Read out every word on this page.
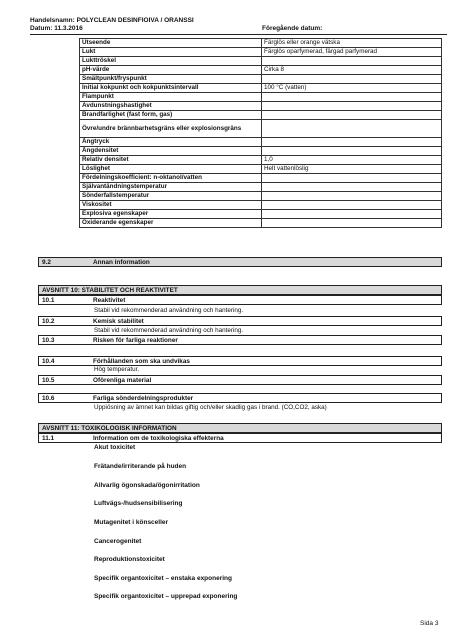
Handelsnamn: POLYCLEAN DESINFIOIVA / ORANSSI
Datum: 11.3.2016	Föregående datum:
Utseende	Färglös eller orange vätska
Lukt	Färglös oparfymerad, färgad parfymerad
Lukttröskel	
pH-värde	Cirka 8
Smältpunkt/fryspunkt	
Initial kokpunkt och kokpunktsintervall	100 °C (vatten)
Flampunkt	
Avdunstningshastighet	
Brandfarlighet (fast form, gas)	
Övre/undre brännbarhetsgräns eller explosionsgräns	
Ångtryck	
Ångdensitet	
Relativ densitet	1,0
Löslighet	Helt vattenlöslig
Fördelningskoefficient: n-oktanol/vatten	
Självantändningstemperatur	
Sönderfallstemperatur	
Viskositet	
Explosiva egenskaper	
Oxiderande egenskaper	
9.2	Annan information
AVSNITT 10: STABILITET OCH REAKTIVITET
10.1	Reaktivitet
Stabil vid rekommenderad användning och hantering.
10.2	Kemisk stabilitet
Stabil vid rekommenderad användning och hantering.
10.3	Risken för farliga reaktioner
10.4	Förhållanden som ska undvikas
Hög temperatur.
10.5	Oförenliga material
10.6	Farliga sönderdelningsprodukter
Uppiösning av ämnet kan bildas giftig och/eller skadlig gas i brand. (CO,CO2, aska)
AVSNITT 11: TOXIKOLOGISK INFORMATION
11.1	Information om de toxikologiska effekterna
Akut toxicitet
Frätande/irriterande på huden
Allvarlig ögonskada/ögonirritation
Luftvägs-/hudsensibilisering
Mutagenitet i könsceller
Cancerogenitet
Reproduktionstoxicitet
Specifik organtoxicitet – enstaka exponering
Specifik organtoxicitet – upprepad exponering
Sida 3
